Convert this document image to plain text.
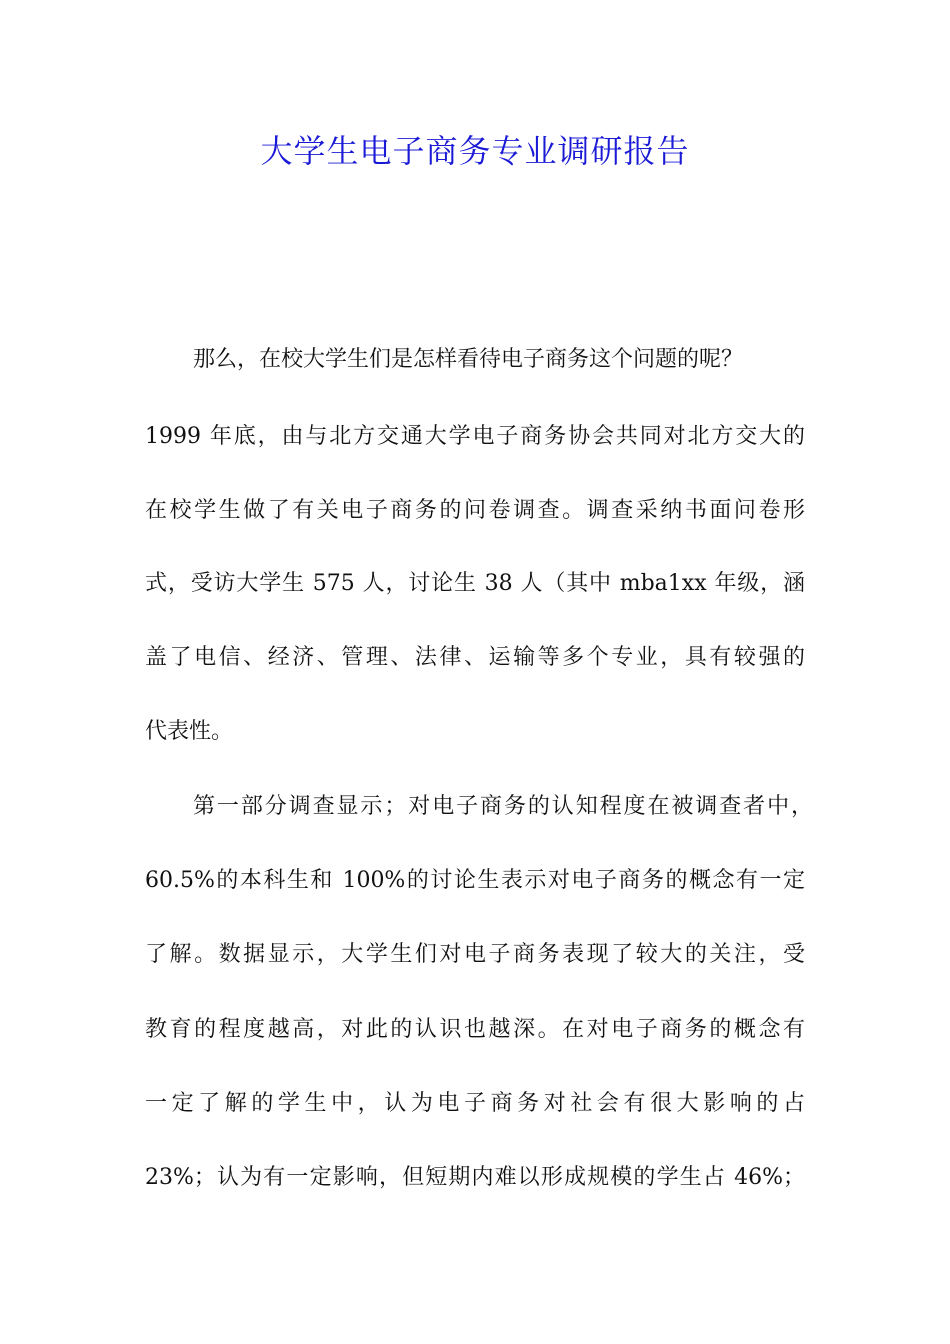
大学生电子商务专业调研报告
那么，在校大学生们是怎样看待电子商务这个问题的呢？
1999 年底，由与北方交通大学电子商务协会共同对北方交大的
在校学生做了有关电子商务的问卷调查。调查采纳书面问卷形
式，受访大学生 575 人，讨论生 38 人（其中 mba1xx 年级，涵
盖了电信、经济、管理、法律、运输等多个专业，具有较强的
代表性。
第一部分调查显示；对电子商务的认知程度在被调查者中，
60.5%的本科生和 100%的讨论生表示对电子商务的概念有一定
了解。数据显示，大学生们对电子商务表现了较大的关注，受
教育的程度越高，对此的认识也越深。在对电子商务的概念有
一定了解的学生中，认为电子商务对社会有很大影响的占
23%；认为有一定影响，但短期内难以形成规模的学生占 46%；
